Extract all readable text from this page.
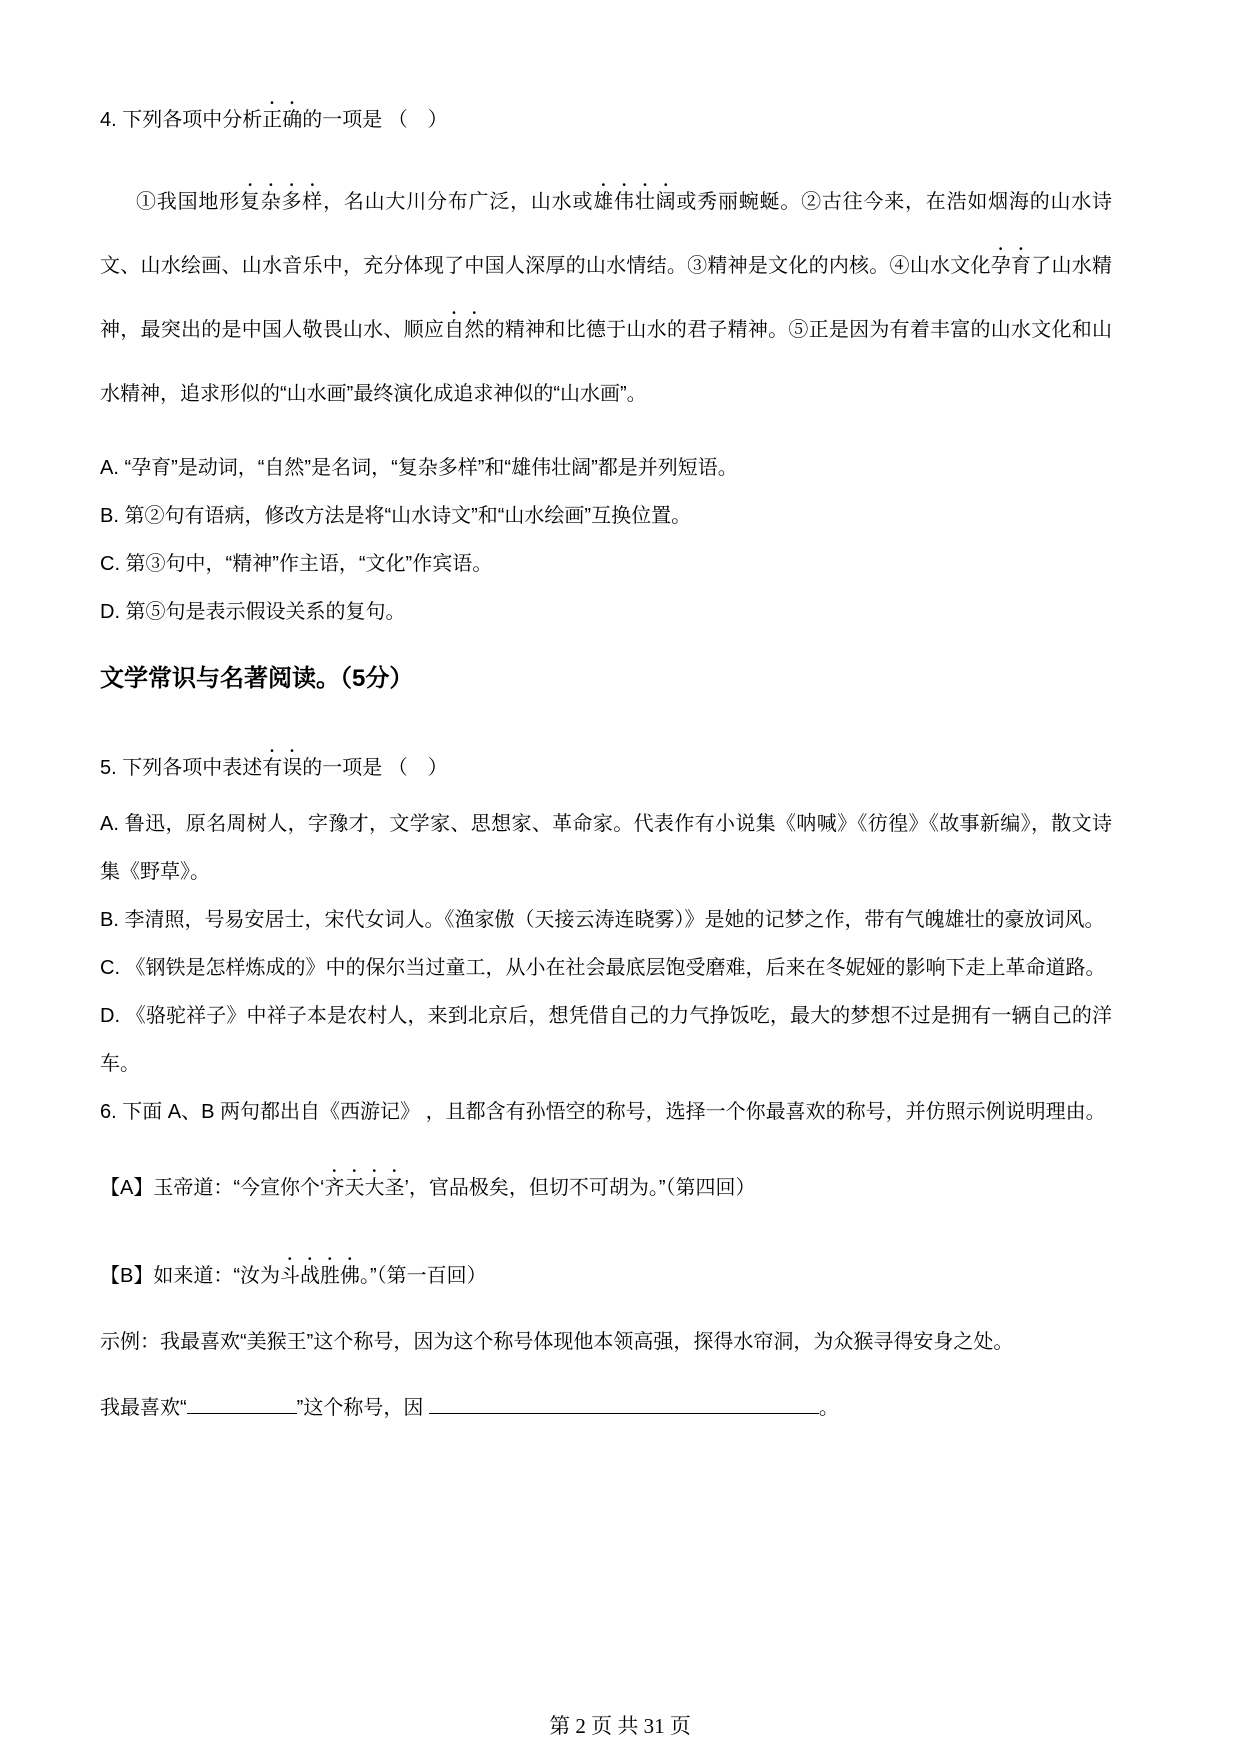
4. 下列各项中分析正确的一项是 （　）

①我国地形复杂多样，名山大川分布广泛，山水或雄伟壮阔或秀丽蜿蜒。②古往今来，在浩如烟海的山水诗文、山水绘画、山水音乐中，充分体现了中国人深厚的山水情结。③精神是文化的内核。④山水文化孕育了山水精神，最突出的是中国人敬畏山水、顺应自然的精神和比德于山水的君子精神。⑤正是因为有着丰富的山水文化和山水精神，追求形似的“山水画”最终演化成追求神似的“山水画”。

A. “孕育”是动词，“自然”是名词，“复杂多样”和“雄伟壮阔”都是并列短语。

B. 第②句有语病，修改方法是将“山水诗文”和“山水绘画”互换位置。

C. 第③句中，“精神”作主语，“文化”作宾语。

D. 第⑤句是表示假设关系的复句。

文学常识与名著阅读。（5分）

5. 下列各项中表述有误的一项是 （　）

A. 鲁迅，原名周树人，字豫才，文学家、思想家、革命家。代表作有小说集《呐喊》《彷徨》《故事新编》，散文诗集《野草》。

B. 李清照，号易安居士，宋代女词人。《渔家傲（天接云涛连晓雾）》是她的记梦之作，带有气魄雄壮的豪放词风。

C. 《钢铁是怎样炼成的》中的保尔当过童工，从小在社会最底层饱受磨难，后来在冬妮娅的影响下走上革命道路。

D. 《骆驼祥子》中祥子本是农村人，来到北京后，想凭借自己的力气挣饭吃，最大的梦想不过是拥有一辆自己的洋车。

6. 下面 A、B 两句都出自《西游记》 ，且都含有孙悟空的称号，选择一个你最喜欢的称号，并仿照示例说明理由。

【A】玉帝道：“今宣你个‘齐天大圣’，官品极矣，但切不可胡为。”（第四回）

【B】如来道：“汝为斗战胜佛。”（第一百回）

示例：我最喜欢“美猴王”这个称号，因为这个称号体现他本领高强，探得水帘洞，为众猴寻得安身之处。

我最喜欢“	”这个称号，因	。

第 2 页 共 31 页
